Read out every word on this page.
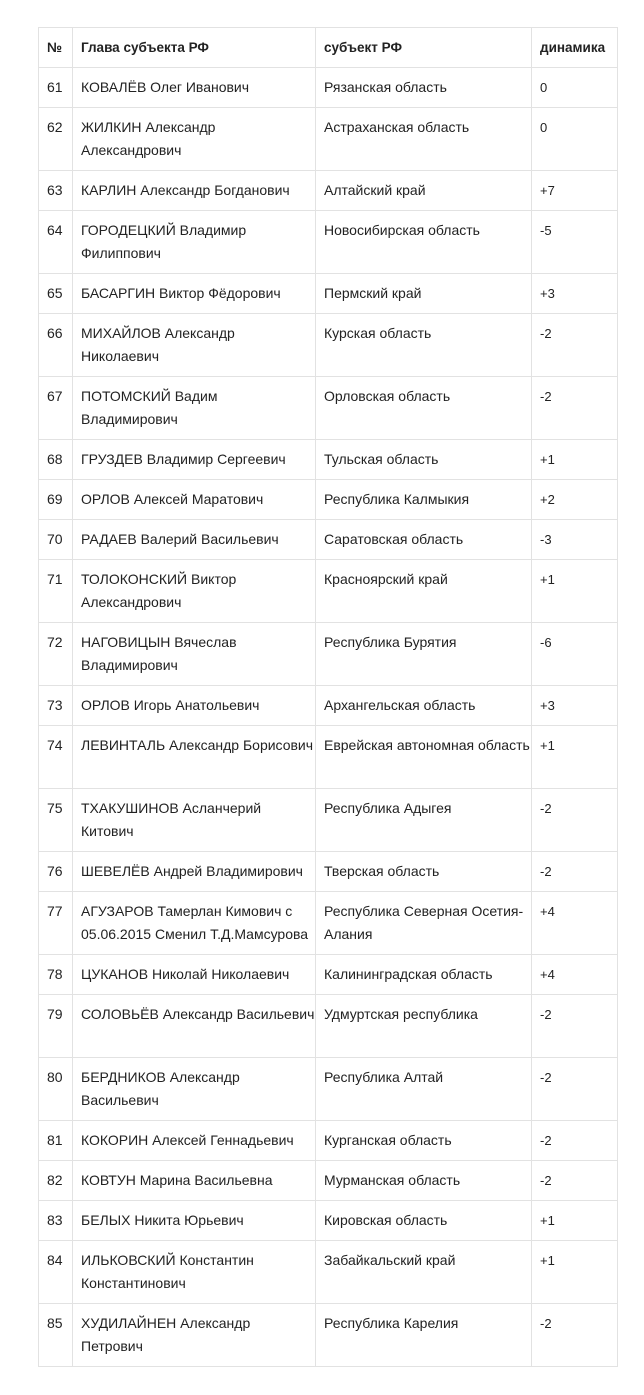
№	Глава субъекта РФ	субъект РФ	динамика
61	КОВАЛЁВ Олег Иванович	Рязанская область	0
62	ЖИЛКИН Александр Александрович	Астраханская область	0
63	КАРЛИН Александр Богданович	Алтайский край	+7
64	ГОРОДЕЦКИЙ Владимир Филиппович	Новосибирская область	-5
65	БАСАРГИН Виктор Фёдорович	Пермский край	+3
66	МИХАЙЛОВ Александр Николаевич	Курская область	-2
67	ПОТОМСКИЙ Вадим Владимирович	Орловская область	-2
68	ГРУЗДЕВ Владимир Сергеевич	Тульская область	+1
69	ОРЛОВ Алексей Маратович	Республика Калмыкия	+2
70	РАДАЕВ Валерий Васильевич	Саратовская область	-3
71	ТОЛОКОНСКИЙ Виктор Александрович	Красноярский край	+1
72	НАГОВИЦЫН Вячеслав Владимирович	Республика Бурятия	-6
73	ОРЛОВ Игорь Анатольевич	Архангельская область	+3
74	ЛЕВИНТАЛЬ Александр Борисович	Еврейская автономная область	+1
75	ТХАКУШИНОВ Асланчерий Китович	Республика Адыгея	-2
76	ШЕВЕЛЁВ Андрей Владимирович	Тверская область	-2
77	АГУЗАРОВ Тамерлан Кимович с 05.06.2015 Сменил Т.Д.Мамсурова	Республика Северная Осетия-Алания	+4
78	ЦУКАНОВ Николай Николаевич	Калининградская область	+4
79	СОЛОВЬЁВ Александр Васильевич	Удмуртская республика	-2
80	БЕРДНИКОВ Александр Васильевич	Республика Алтай	-2
81	КОКОРИН Алексей Геннадьевич	Курганская область	-2
82	КОВТУН Марина Васильевна	Мурманская область	-2
83	БЕЛЫХ Никита Юрьевич	Кировская область	+1
84	ИЛЬКОВСКИЙ Константин Константинович	Забайкальский край	+1
85	ХУДИЛАЙНЕН Александр Петрович	Республика Карелия	-2
